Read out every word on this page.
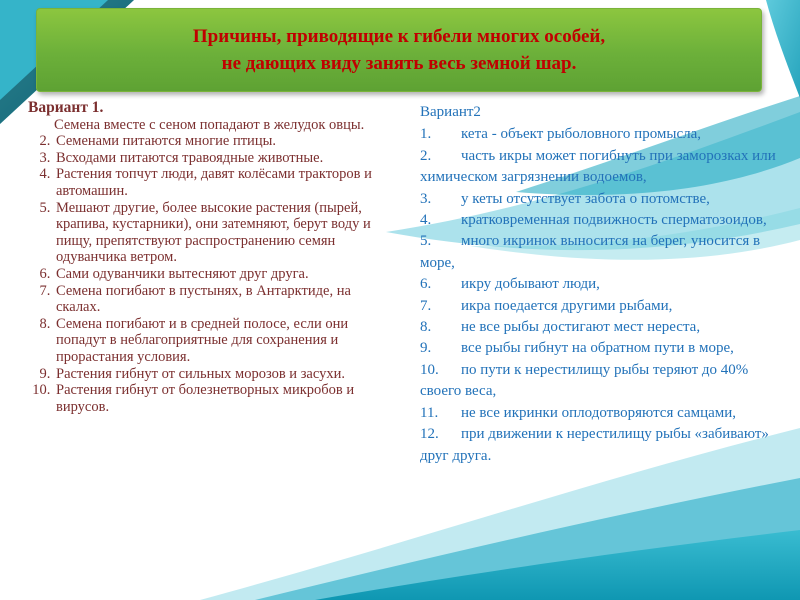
Причины, приводящие к гибели многих особей,
не дающих виду занять весь земной шар.
Вариант 1.
Семена вместе с сеном попадают в желудок овцы.
2. Семенами питаются многие птицы.
3. Всходами питаются травоядные животные.
4. Растения топчут люди, давят колёсами тракторов и автомашин.
5. Мешают другие, более высокие растения (пырей, крапива, кустарники), они затемняют, берут воду и пищу, препятствуют распространению семян одуванчика ветром.
6. Сами одуванчики вытесняют друг друга.
7. Семена погибают в пустынях, в Антарктиде, на скалах.
8. Семена погибают и в средней полосе, если они попадут в неблагоприятные для сохранения и прорастания условия.
9. Растения гибнут от сильных морозов и засухи.
10. Растения гибнут от болезнетворных микробов и вирусов.
Вариант2
1. кета - объект рыболовного промысла,
2. часть икры может погибнуть при заморозках или химическом загрязнении водоемов,
3. у кеты отсутствует забота о потомстве,
4. кратковременная подвижность сперматозоидов,
5. много икринок выносится на берег, уносится в море,
6. икру добывают люди,
7. икра поедается другими рыбами,
8. не все рыбы достигают мест нереста,
9. все рыбы гибнут на обратном пути в море,
10. по пути к нерестилищу рыбы теряют до 40% своего веса,
11. не все икринки оплодотворяются самцами,
12. при движении к нерестилищу рыбы «забивают» друг друга.
